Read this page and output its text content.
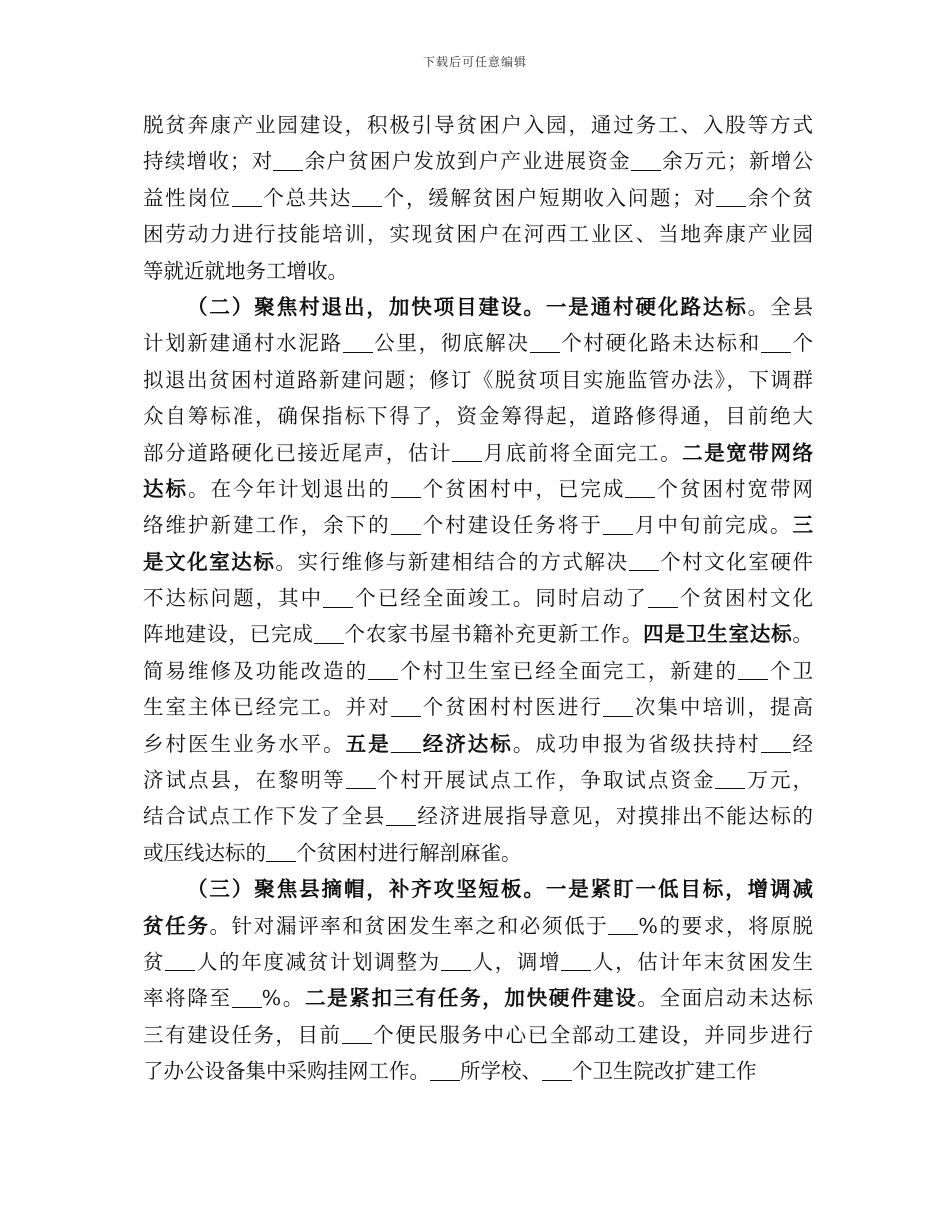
下载后可任意编辑
脱贫奔康产业园建设，积极引导贫困户入园，通过务工、入股等方式
持续增收；对 余户贫困户发放到户产业进展资金 余万元；新增公
益性岗位 个总共达 个，缓解贫困户短期收入问题；对 余个贫
困劳动力进行技能培训，实现贫困户在河西工业区、当地奔康产业园
等就近就地务工增收。
（二）聚焦村退出，加快项目建设。一是通村硬化路达标。全县
计划新建通村水泥路 公里，彻底解决 个村硬化路未达标和 个
拟退出贫困村道路新建问题；修订《脱贫项目实施监管办法》，下调群
众自筹标准，确保指标下得了，资金筹得起，道路修得通，目前绝大
部分道路硬化已接近尾声，估计 月底前将全面完工。二是宽带网络
达标。在今年计划退出的 个贫困村中，已完成 个贫困村宽带网
络维护新建工作，余下的 个村建设任务将于 月中旬前完成。三
是文化室达标。实行维修与新建相结合的方式解决 个村文化室硬件
不达标问题，其中 个已经全面竣工。同时启动了 个贫困村文化
阵地建设，已完成 个农家书屋书籍补充更新工作。四是卫生室达标。
简易维修及功能改造的 个村卫生室已经全面完工，新建的 个卫
生室主体已经完工。并对 个贫困村村医进行 次集中培训，提高
乡村医生业务水平。五是 经济达标。成功申报为省级扶持村 经
济试点县，在黎明等 个村开展试点工作，争取试点资金 万元，
结合试点工作下发了全县 经济进展指导意见，对摸排出不能达标的
或压线达标的 个贫困村进行解剖麻雀。
（三）聚焦县摘帽，补齐攻坚短板。一是紧盯一低目标，增调减
贫任务。针对漏评率和贫困发生率之和必须低于 %的要求，将原脱
贫 人的年度减贫计划调整为 人，调增 人，估计年末贫困发生
率将降至 %。二是紧扣三有任务，加快硬件建设。全面启动未达标
三有建设任务，目前 个便民服务中心已全部动工建设，并同步进行
了办公设备集中采购挂网工作。 所学校、 个卫生院改扩建工作
